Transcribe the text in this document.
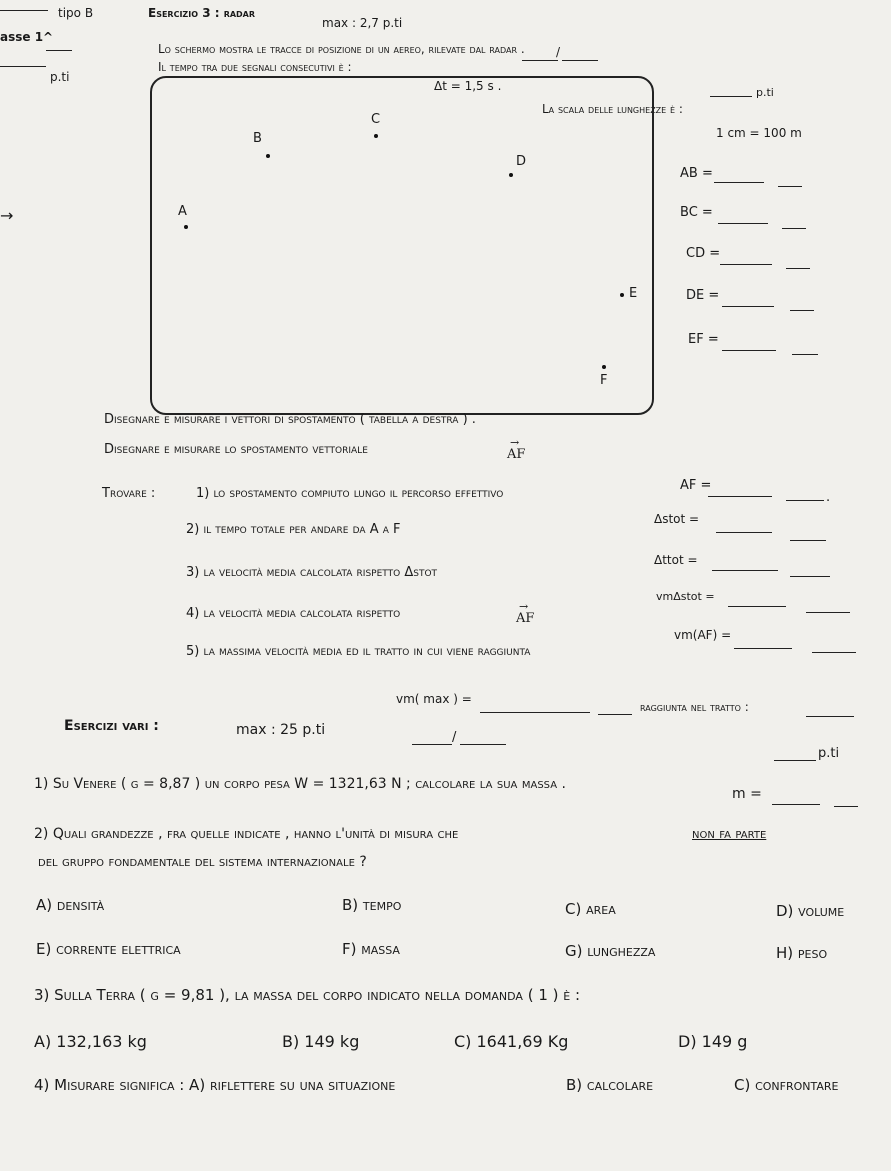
tipo B
asse 1^
p.ti
→
Esercizio 3 : radar
max : 2,7 p.ti
/
Lo schermo mostra le tracce di posizione di un aereo, rilevate dal radar .
Il tempo tra due segnali consecutivi è :
Δt = 1,5 s .	p.ti
La scala delle lunghezze è :
1 cm = 100 m
A
B
C
D
E
F
AB =
BC =
CD =
DE =
EF =
Disegnare e misurare i vettori di spostamento ( tabella a destra ) .
Disegnare e misurare lo spostamento vettoriale	→ AF
AF =
.
Trovare :	1) lo spostamento compiuto lungo il percorso effettivo
Δstot =
2) il tempo totale per andare da A a F
Δttot =
3) la velocità media calcolata rispetto Δstot
vmΔstot =
4) la velocità media calcolata rispetto	→ AF
vm(AF) =
5) la massima velocità media ed il tratto in cui viene raggiunta
vm( max ) =
raggiunta nel tratto :
Esercizi vari :	max : 25 p.ti	/
p.ti
1) Su Venere ( g = 8,87 ) un corpo pesa W = 1321,63 N ; calcolare la sua massa .
m =
2) Quali grandezze , fra quelle indicate , hanno l'unità di misura che	non fa parte
del gruppo fondamentale del sistema internazionale ?
A) densità	B) tempo	C) area	D) volume
E) corrente elettrica	F) massa	G) lunghezza	H) peso
3) Sulla Terra ( g = 9,81 ), la massa del corpo indicato nella domanda ( 1 ) è :
A) 132,163 kg	B) 149 kg	C) 1641,69 Kg	D) 149 g
4) Misurare significa : A) riflettere su una situazione	B) calcolare	C) confrontare
